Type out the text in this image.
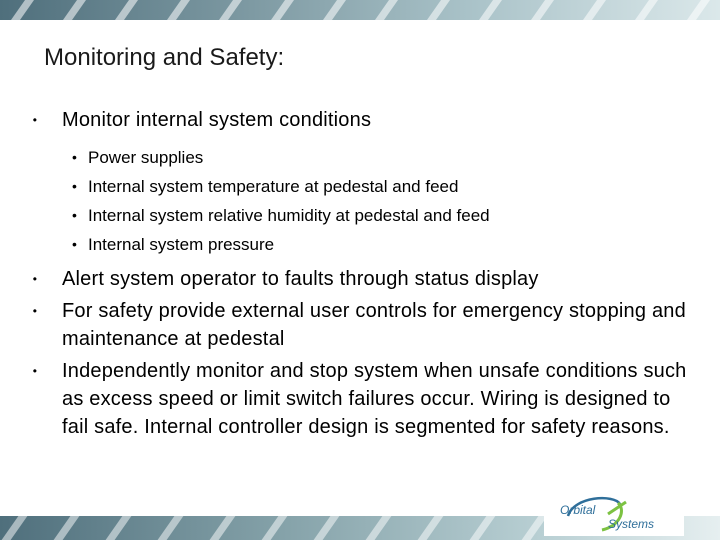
Monitoring and Safety:
• Monitor internal system conditions
• Power supplies
• Internal system temperature at pedestal and feed
• Internal system relative humidity at pedestal and feed
• Internal system pressure
• Alert system operator to faults through status display
• For safety provide external user controls for emergency stopping and maintenance at pedestal
• Independently monitor and stop system when unsafe conditions such as excess speed or limit switch failures occur. Wiring is designed to fail safe. Internal controller design is segmented for safety reasons.
Orbital
Systems
